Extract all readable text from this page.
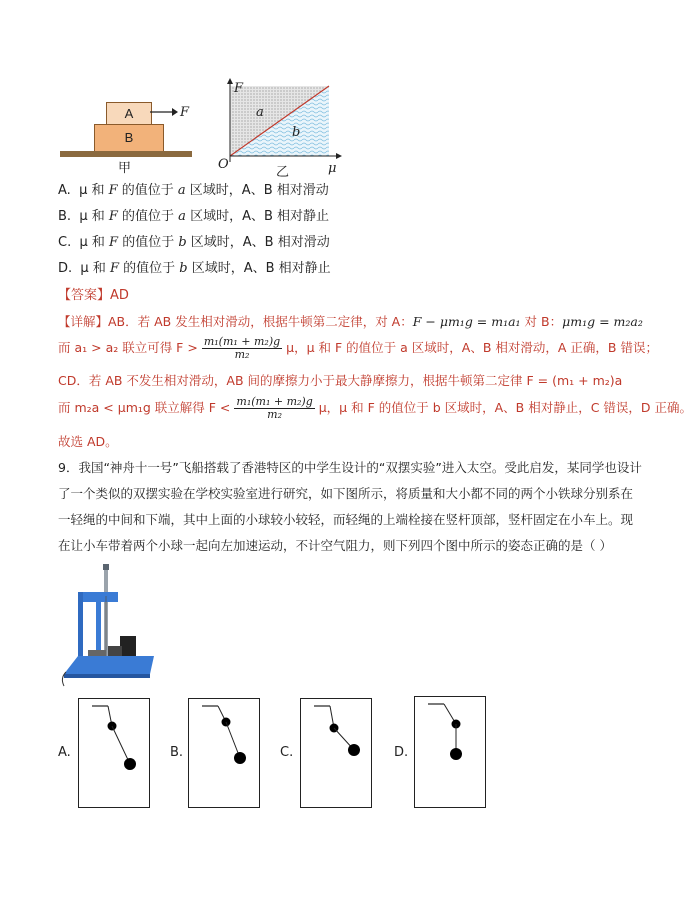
A
B
F
甲
F
μ
O
a
b
乙
A. μ 和 F 的值位于 a 区域时，A、B 相对滑动
B. μ 和 F 的值位于 a 区域时，A、B 相对静止
C. μ 和 F 的值位于 b 区域时，A、B 相对滑动
D. μ 和 F 的值位于 b 区域时，A、B 相对静止
【答案】AD
【详解】AB．若 AB 发生相对滑动，根据牛顿第二定律，对 A：F − μm₁g = m₁a₁ 对 B：μm₁g = m₂a₂
而 a₁ > a₂ 联立可得 $F > \frac{\text{m₁(m₁ + m₂)g}}{\text{m₂}}$ μ，μ 和 F 的值位于 a 区域时，A、B 相对滑动，A 正确，B 错误；
CD．若 AB 不发生相对滑动，AB 间的摩擦力小于最大静摩擦力，根据牛顿第二定律 F = (m₁ + m₂)a
而 m₂a < μm₁g 联立解得 $F < \frac{\text{m₁(m₁ + m₂)g}}{\text{m₂}}$ μ，μ 和 F 的值位于 b 区域时，A、B 相对静止，C 错误，D 正确。
故选 AD。
9．我国“神舟十一号”飞船搭载了香港特区的中学生设计的“双摆实验”进入太空。受此启发，某同学也设计
了一个类似的双摆实验在学校实验室进行研究，如下图所示，将质量和大小都不同的两个小铁球分别系在
一轻绳的中间和下端，其中上面的小球较小较轻，而轻绳的上端栓接在竖杆顶部，竖杆固定在小车上。现
在让小车带着两个小球一起向左加速运动，不计空气阻力，则下列四个图中所示的姿态正确的是（ ）
A.	B.	C.	D.
